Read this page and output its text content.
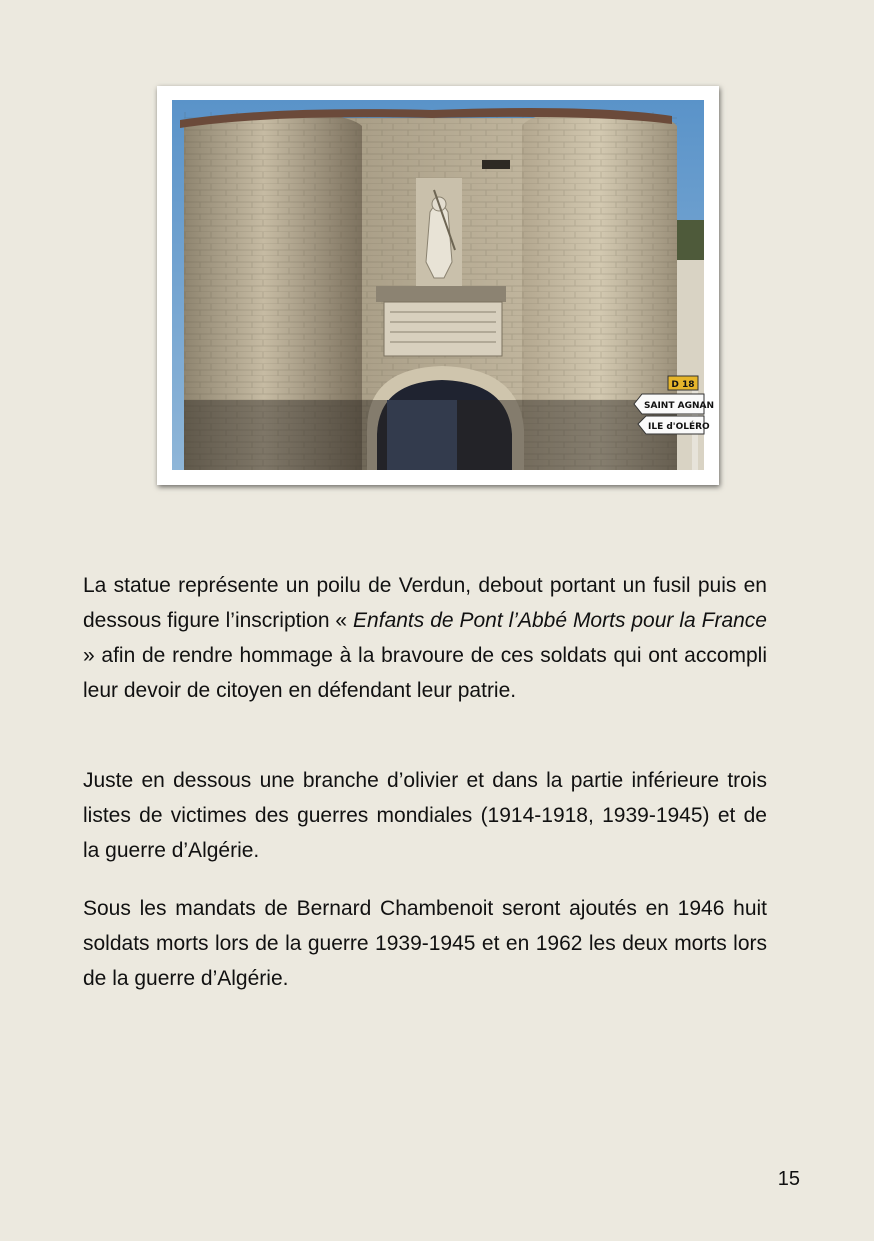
D 18
SAINT AGNAN
ILE d'OLÉRO

La statue représente un poilu de Verdun, debout portant un fusil puis en dessous figure l’inscription « Enfants de Pont l’Abbé Morts pour la France » afin de rendre hommage à la bravoure de ces soldats qui ont accompli leur devoir de citoyen en défendant leur patrie.

Juste en dessous une branche d’olivier et dans la partie inférieure trois listes de victimes des guerres mondiales (1914-1918, 1939-1945) et de la guerre d’Algérie.

Sous les mandats de Bernard Chambenoit seront ajoutés en 1946 huit soldats morts lors de la guerre 1939-1945 et en 1962 les deux morts lors de la guerre d’Algérie.

15
